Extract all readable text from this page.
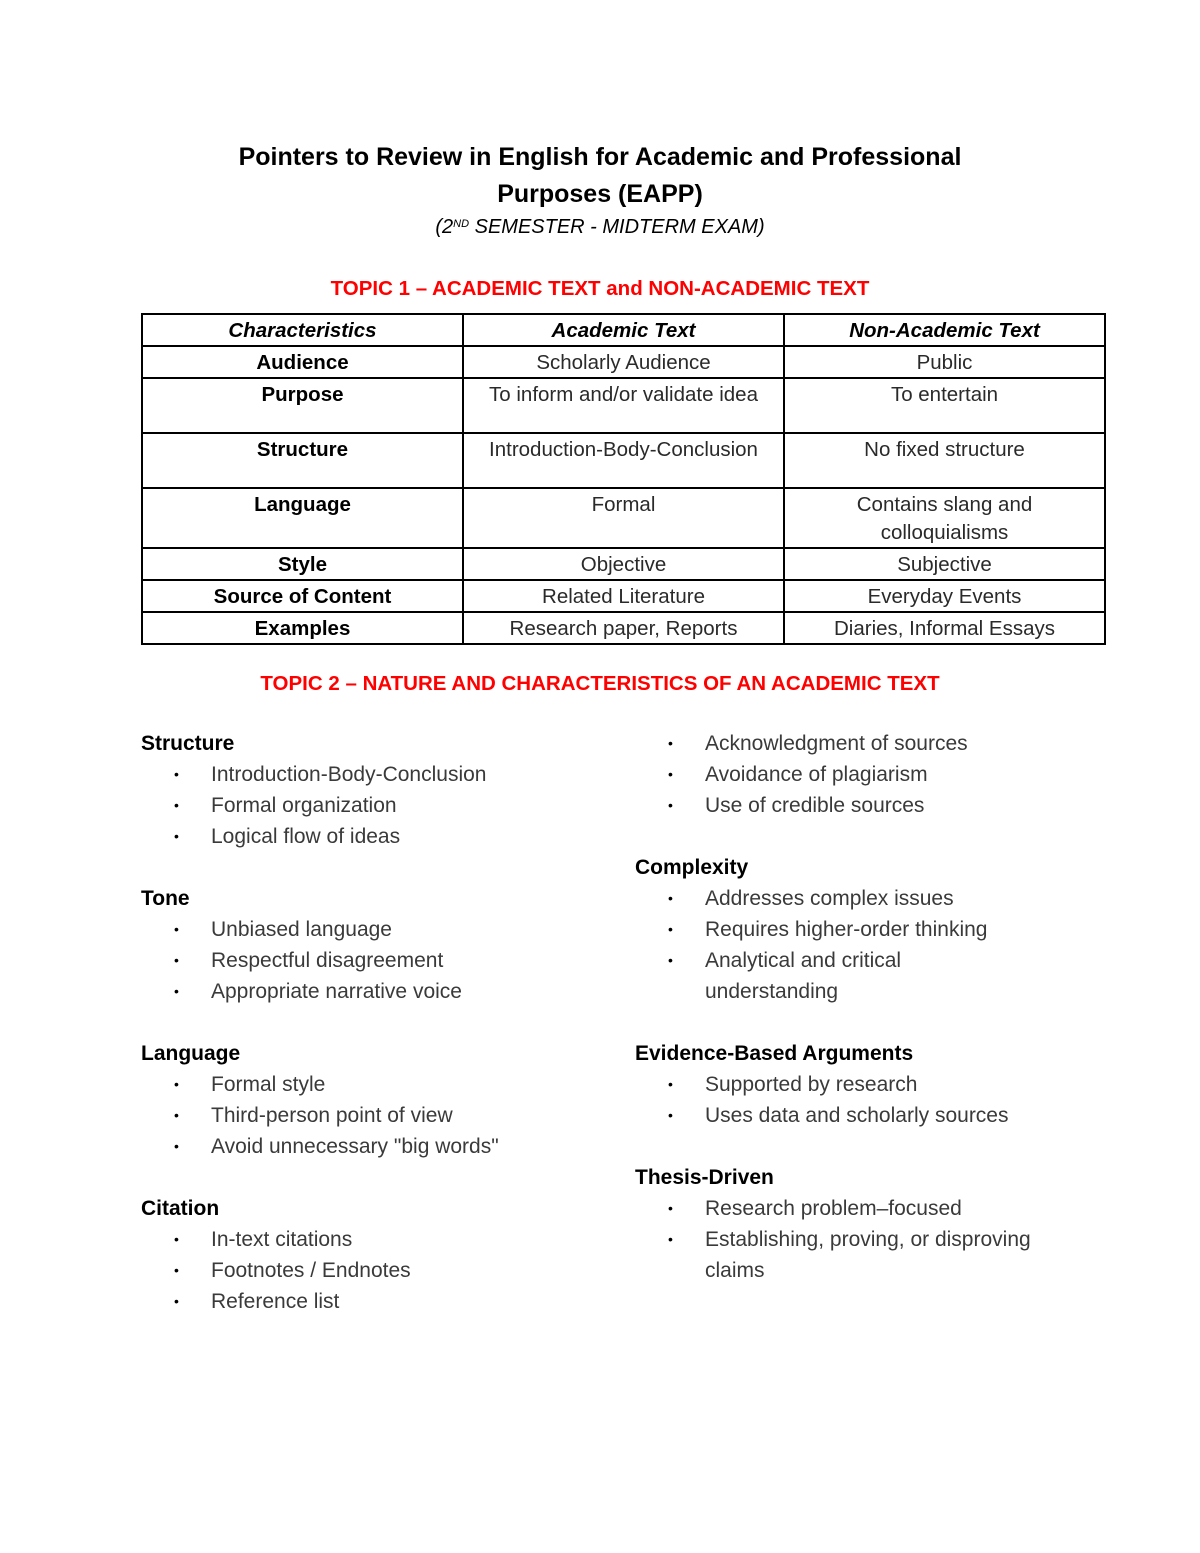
Pointers to Review in English for Academic and Professional
Purposes (EAPP)
(2ND SEMESTER - MIDTERM EXAM)
TOPIC 1 – ACADEMIC TEXT and NON-ACADEMIC TEXT
Characteristics	Academic Text	Non-Academic Text
Audience	Scholarly Audience	Public
Purpose	To inform and/or validate idea	To entertain
Structure	Introduction-Body-Conclusion	No fixed structure
Language	Formal	Contains slang and colloquialisms
Style	Objective	Subjective
Source of Content	Related Literature	Everyday Events
Examples	Research paper, Reports	Diaries, Informal Essays
TOPIC 2 – NATURE AND CHARACTERISTICS OF AN ACADEMIC TEXT
Structure
• Introduction-Body-Conclusion
• Formal organization
• Logical flow of ideas
Tone
• Unbiased language
• Respectful disagreement
• Appropriate narrative voice
Language
• Formal style
• Third-person point of view
• Avoid unnecessary "big words"
Citation
• In-text citations
• Footnotes / Endnotes
• Reference list
• Acknowledgment of sources
• Avoidance of plagiarism
• Use of credible sources
Complexity
• Addresses complex issues
• Requires higher-order thinking
• Analytical and critical understanding
Evidence-Based Arguments
• Supported by research
• Uses data and scholarly sources
Thesis-Driven
• Research problem–focused
• Establishing, proving, or disproving claims
